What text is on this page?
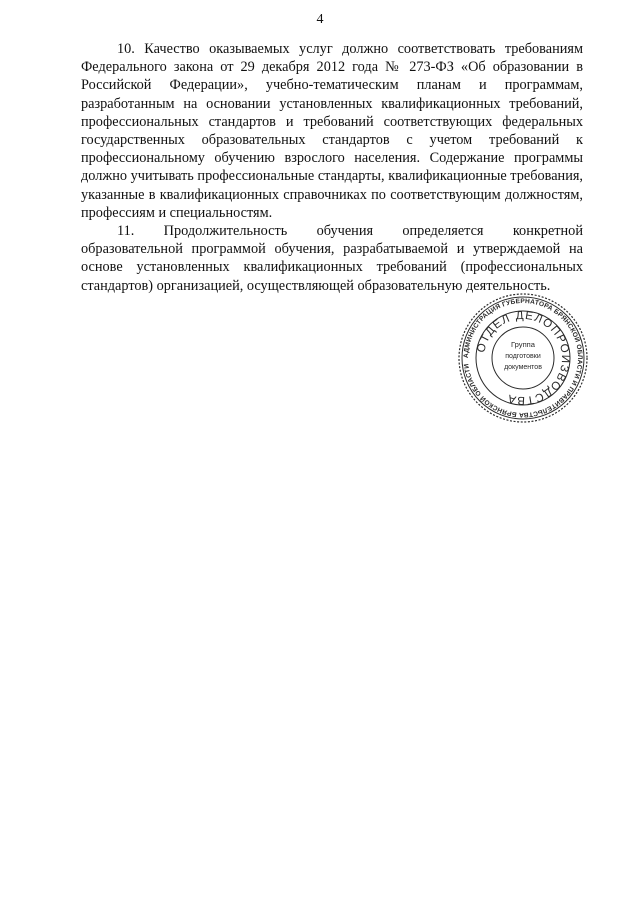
4

10. Качество оказываемых услуг должно соответствовать требованиям Федерального закона от 29 декабря 2012 года № 273-ФЗ «Об образовании в Российской Федерации», учебно-тематическим планам и программам, разработанным на основании установленных квалификационных требований, профессиональных стандартов и требований соответствующих федеральных государственных образовательных стандартов с учетом требований к профессиональному обучению взрослого населения. Содержание программы должно учитывать профессиональные стандарты, квалификационные требования, указанные в квалификационных справочниках по соответствующим должностям, профессиям и специальностям.

11. Продолжительность обучения определяется конкретной образовательной программой обучения, разрабатываемой и утверждаемой на основе установленных квалификационных требований (профессиональных стандартов) организацией, осуществляющей образовательную деятельность.

АДМИНИСТРАЦИЯ ГУБЕРНАТОРА БРЯНСКОЙ ОБЛАСТИ И ПРАВИТЕЛЬСТВА БРЯНСКОЙ ОБЛАСТИ
ОТДЕЛ ДЕЛОПРОИЗВОДСТВА
Группа
подготовки
документов
